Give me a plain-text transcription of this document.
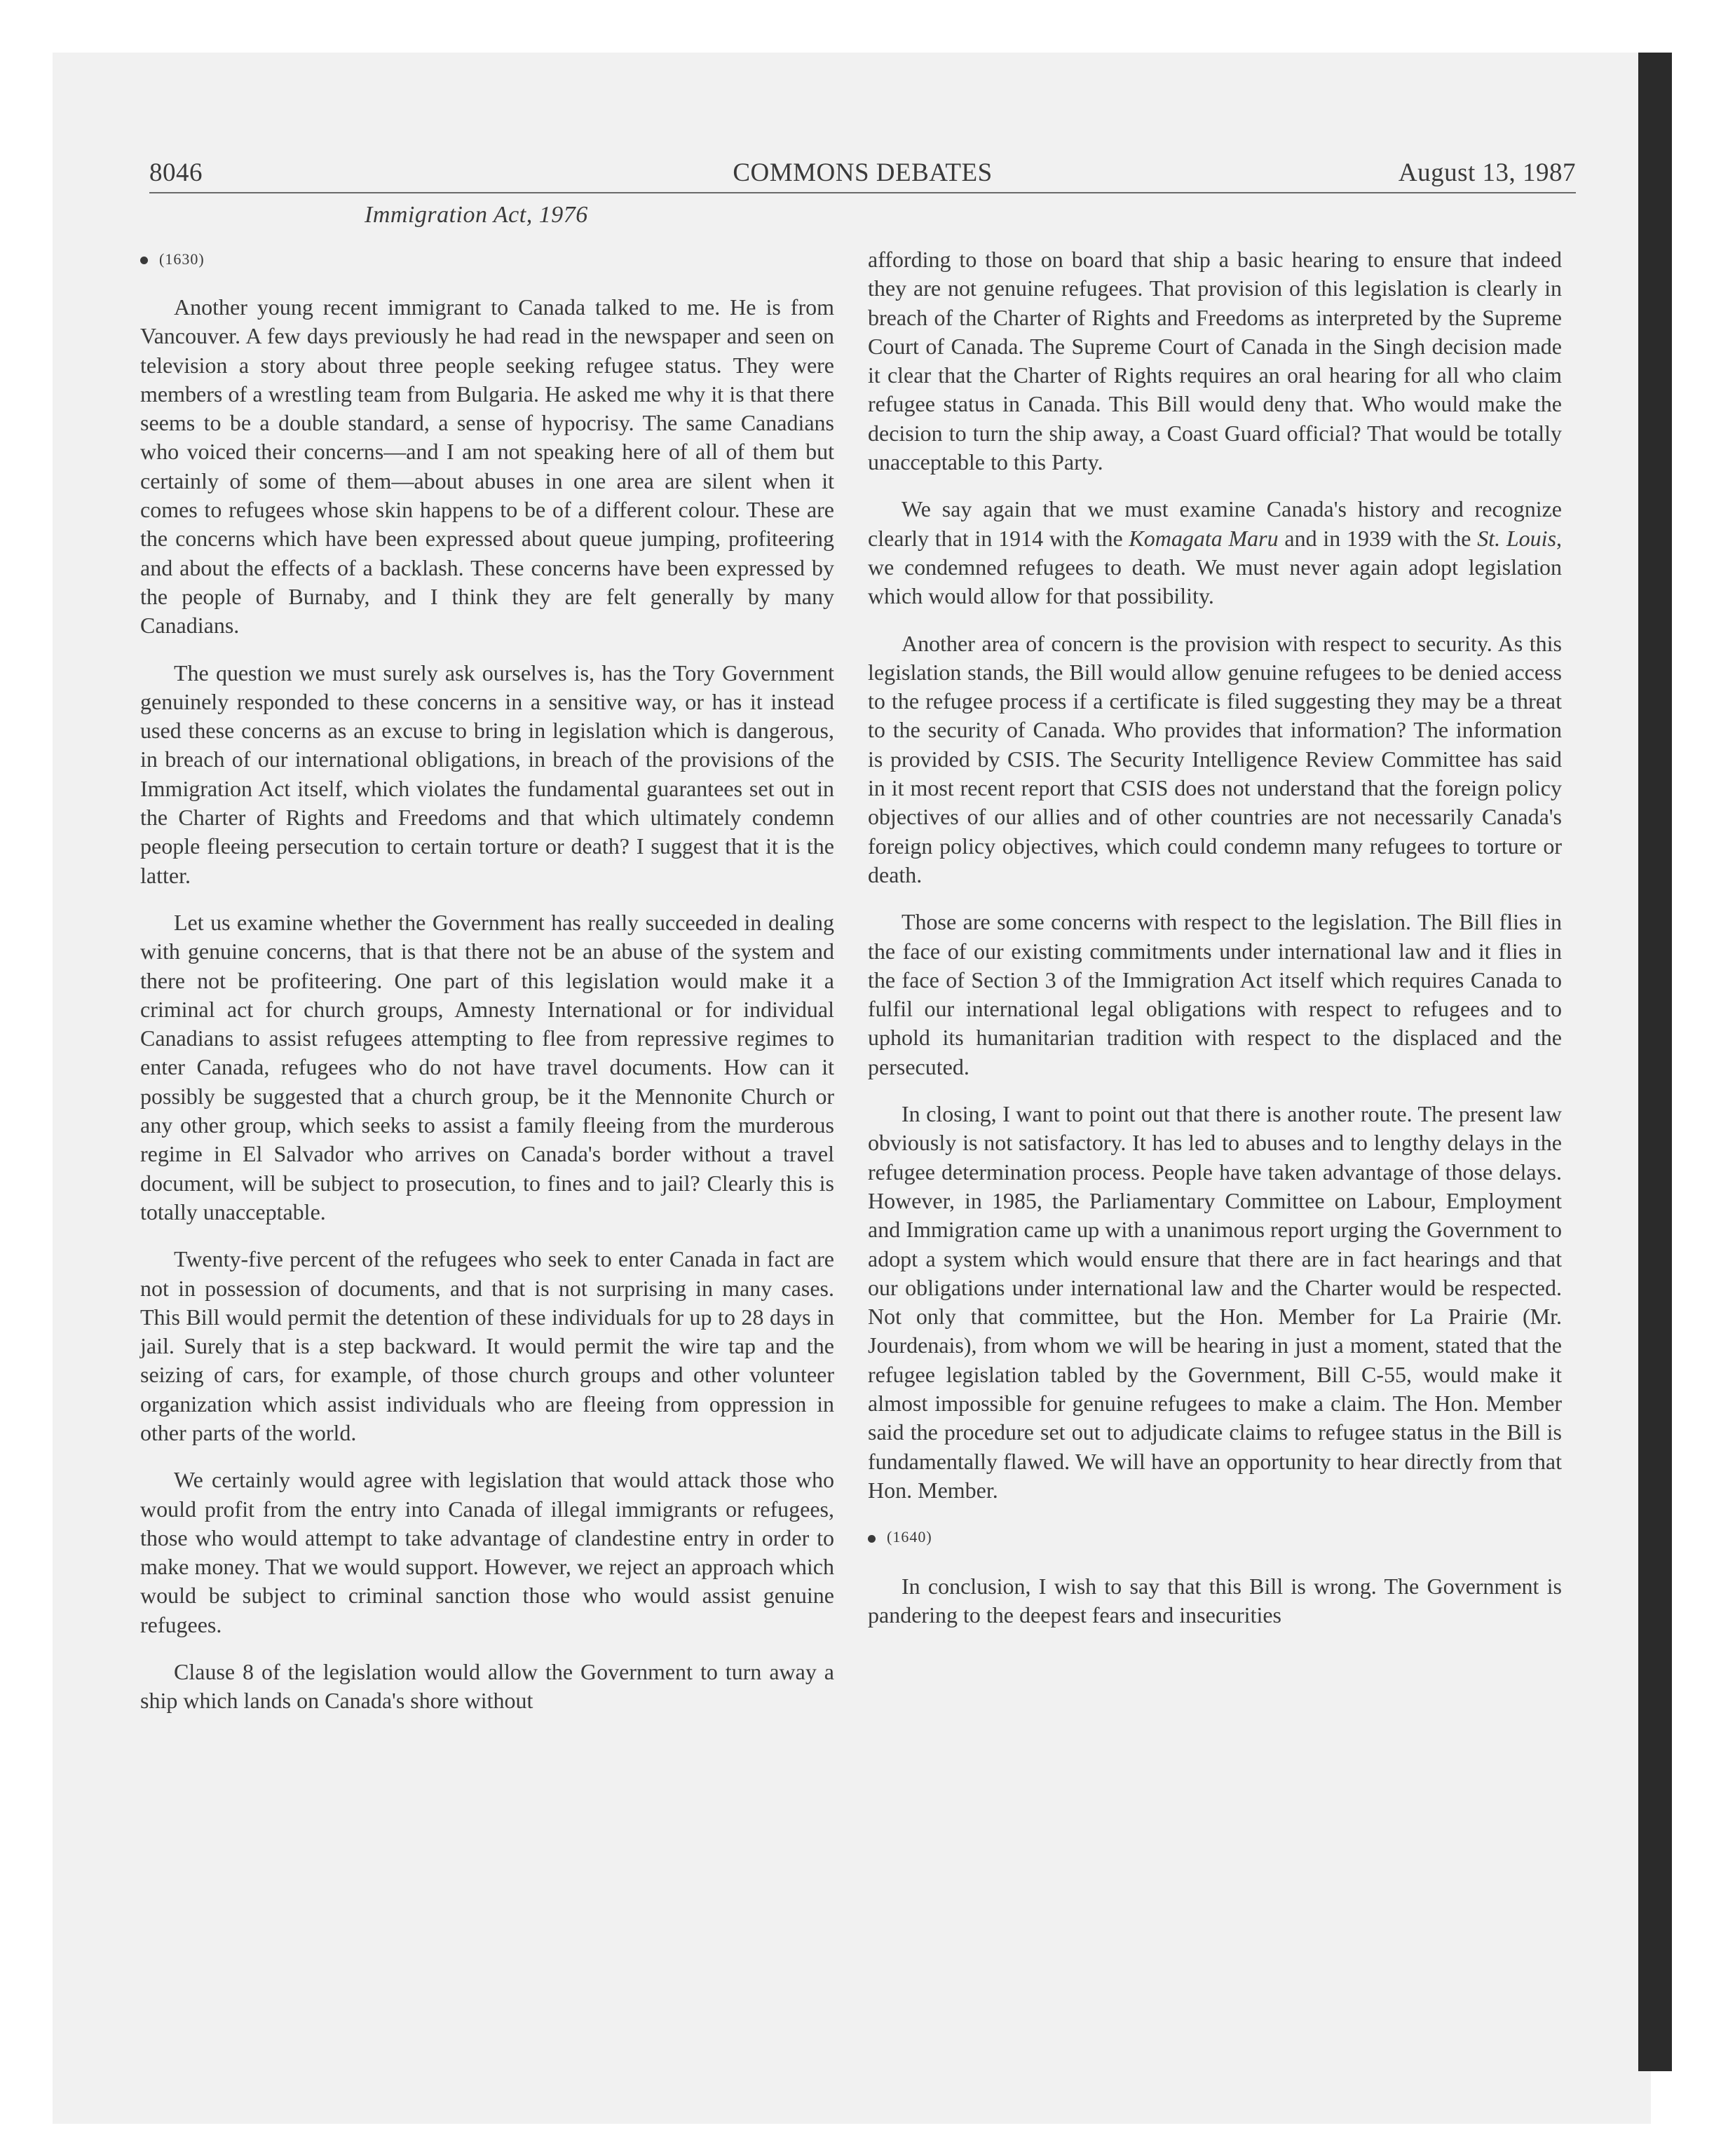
COMMONS DEBATES
8046	August 13, 1987
Immigration Act, 1976
(1630)

Another young recent immigrant to Canada talked to me. He is from Vancouver. A few days previously he had read in the newspaper and seen on television a story about three people seeking refugee status. They were members of a wrestling team from Bulgaria. He asked me why it is that there seems to be a double standard, a sense of hypocrisy. The same Canadians who voiced their concerns—and I am not speaking here of all of them but certainly of some of them—about abuses in one area are silent when it comes to refugees whose skin happens to be of a different colour. These are the concerns which have been expressed about queue jumping, profiteering and about the effects of a backlash. These concerns have been expressed by the people of Burnaby, and I think they are felt generally by many Canadians.

The question we must surely ask ourselves is, has the Tory Government genuinely responded to these concerns in a sensitive way, or has it instead used these concerns as an excuse to bring in legislation which is dangerous, in breach of our international obligations, in breach of the provisions of the Immigration Act itself, which violates the fundamental guarantees set out in the Charter of Rights and Freedoms and that which ultimately condemn people fleeing persecution to certain torture or death? I suggest that it is the latter.

Let us examine whether the Government has really succeeded in dealing with genuine concerns, that is that there not be an abuse of the system and there not be profiteering. One part of this legislation would make it a criminal act for church groups, Amnesty International or for individual Canadians to assist refugees attempting to flee from repressive regimes to enter Canada, refugees who do not have travel documents. How can it possibly be suggested that a church group, be it the Mennonite Church or any other group, which seeks to assist a family fleeing from the murderous regime in El Salvador who arrives on Canada's border without a travel document, will be subject to prosecution, to fines and to jail? Clearly this is totally unacceptable.

Twenty-five percent of the refugees who seek to enter Canada in fact are not in possession of documents, and that is not surprising in many cases. This Bill would permit the detention of these individuals for up to 28 days in jail. Surely that is a step backward. It would permit the wire tap and the seizing of cars, for example, of those church groups and other volunteer organization which assist individuals who are fleeing from oppression in other parts of the world.

We certainly would agree with legislation that would attack those who would profit from the entry into Canada of illegal immigrants or refugees, those who would attempt to take advantage of clandestine entry in order to make money. That we would support. However, we reject an approach which would be subject to criminal sanction those who would assist genuine refugees.

Clause 8 of the legislation would allow the Government to turn away a ship which lands on Canada's shore without

affording to those on board that ship a basic hearing to ensure that indeed they are not genuine refugees. That provision of this legislation is clearly in breach of the Charter of Rights and Freedoms as interpreted by the Supreme Court of Canada. The Supreme Court of Canada in the Singh decision made it clear that the Charter of Rights requires an oral hearing for all who claim refugee status in Canada. This Bill would deny that. Who would make the decision to turn the ship away, a Coast Guard official? That would be totally unacceptable to this Party.

We say again that we must examine Canada's history and recognize clearly that in 1914 with the Komagata Maru and in 1939 with the St. Louis, we condemned refugees to death. We must never again adopt legislation which would allow for that possibility.

Another area of concern is the provision with respect to security. As this legislation stands, the Bill would allow genuine refugees to be denied access to the refugee process if a certificate is filed suggesting they may be a threat to the security of Canada. Who provides that information? The information is provided by CSIS. The Security Intelligence Review Committee has said in it most recent report that CSIS does not understand that the foreign policy objectives of our allies and of other countries are not necessarily Canada's foreign policy objectives, which could condemn many refugees to torture or death.

Those are some concerns with respect to the legislation. The Bill flies in the face of our existing commitments under international law and it flies in the face of Section 3 of the Immigration Act itself which requires Canada to fulfil our international legal obligations with respect to refugees and to uphold its humanitarian tradition with respect to the displaced and the persecuted.

In closing, I want to point out that there is another route. The present law obviously is not satisfactory. It has led to abuses and to lengthy delays in the refugee determination process. People have taken advantage of those delays. However, in 1985, the Parliamentary Committee on Labour, Employment and Immigration came up with a unanimous report urging the Government to adopt a system which would ensure that there are in fact hearings and that our obligations under international law and the Charter would be respected. Not only that committee, but the Hon. Member for La Prairie (Mr. Jourdenais), from whom we will be hearing in just a moment, stated that the refugee legislation tabled by the Government, Bill C-55, would make it almost impossible for genuine refugees to make a claim. The Hon. Member said the procedure set out to adjudicate claims to refugee status in the Bill is fundamentally flawed. We will have an opportunity to hear directly from that Hon. Member.

(1640)

In conclusion, I wish to say that this Bill is wrong. The Government is pandering to the deepest fears and insecurities
